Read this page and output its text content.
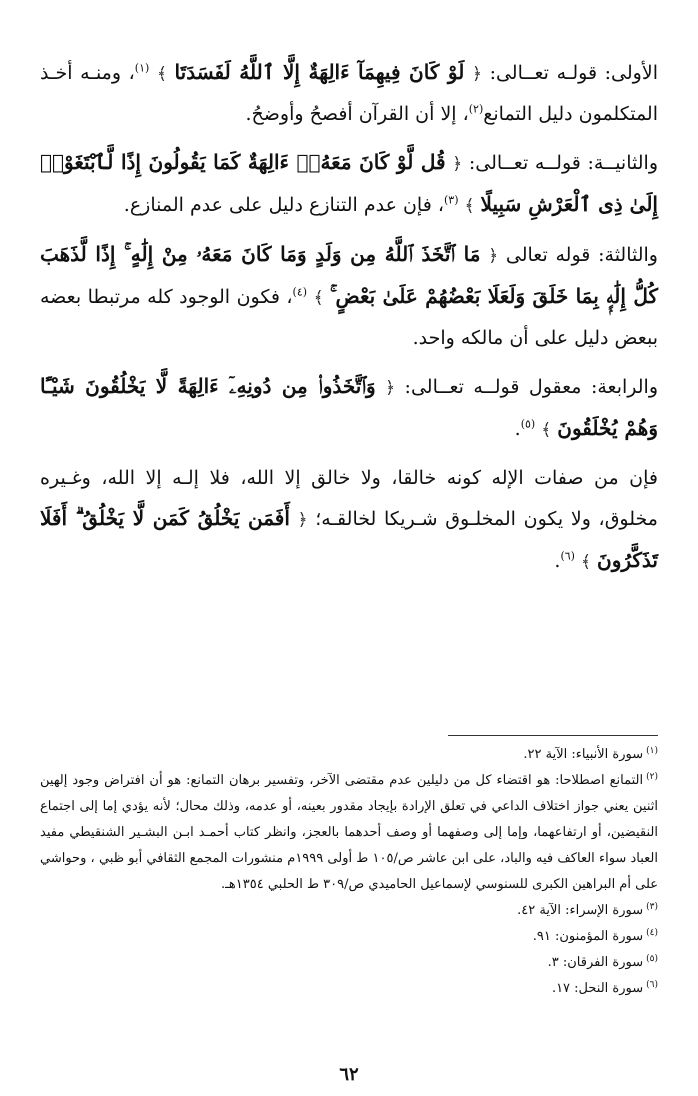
الأولى: قولـه تعــالى: ﴿ لَوْ كَانَ فِيهِمَآ ءَالِهَةٌ إِلَّا ٱللَّهُ لَفَسَدَتَا ﴾ $^{(١)}$، ومنـه أخـذ المتكلمون دليل التمانع$^{(٢)}$، إلا أن القرآن أفصحُ وأوضحُ.

والثانيــة: قولــه تعــالى: ﴿ قُل لَّوْ كَانَ مَعَهُۥٓ ءَالِهَةٌ كَمَا يَقُولُونَ إِذًا لَّٱبْتَغَوْا۟ إِلَىٰ ذِى ٱلْعَرْشِ سَبِيلًا ﴾ $^{(٣)}$، فإن عدم التنازع دليل على عدم المنازع.

والثالثة: قوله تعالى ﴿ مَا ٱتَّخَذَ ٱللَّهُ مِن وَلَدٍ وَمَا كَانَ مَعَهُۥ مِنْ إِلَٰهٍ ۚ إِذًا لَّذَهَبَ كُلُّ إِلَٰهٍۭ بِمَا خَلَقَ وَلَعَلَا بَعْضُهُمْ عَلَىٰ بَعْضٍ ۚ ﴾ $^{(٤)}$، فكون الوجود كله مرتبطا بعضه ببعض دليل على أن مالكه واحد.

والرابعة: معقول قولــه تعــالى: ﴿ وَٱتَّخَذُوا۟ مِن دُونِهِۦٓ ءَالِهَةً لَّا يَخْلُقُونَ شَيْـًٔا وَهُمْ يُخْلَقُونَ ﴾ $^{(٥)}$.

فإن من صفات الإله كونه خالقا، ولا خالق إلا الله، فلا إلـه إلا الله، وغـيره مخلوق، ولا يكون المخلـوق شـريكا لخالقـه؛ ﴿ أَفَمَن يَخْلُقُ كَمَن لَّا يَخْلُقُ ۗ أَفَلَا تَذَكَّرُونَ ﴾ $^{(٦)}$.

$^{(١)}$سورة الأنبياء: الآية ٢٢.

$^{(٢)}$التمانع اصطلاحا: هو اقتضاء كل من دليلين عدم مقتضى الآخر، وتفسير برهان التمانع: هو أن افتراض وجود إلهين اثنين يعني جواز اختلاف الداعي في تعلق الإرادة بإيجاد مقدور بعينه، أو عدمه، وذلك محال؛ لأنه يؤدي إما إلى اجتماع النقيضين، أو ارتفاعهما، وإما إلى وصفهما أو وصف أحدهما بالعجز، وانظر كتاب أحمـد ابـن البشـير الشنقيطي مفيد العباد سواء العاكف فيه والباد، على ابن عاشر ص/١٠٥ ط أولى ١٩٩٩م منشورات المجمع الثقافي أبو ظبي ، وحواشي على أم البراهين الكبرى للسنوسي لإسماعيل الحاميدي ص/٣٠٩ ط الحلبي ١٣٥٤هـ.

$^{(٣)}$سورة الإسراء: الآية ٤٢.

$^{(٤)}$سورة المؤمنون: ٩١.

$^{(٥)}$سورة الفرقان: ٣.

$^{(٦)}$سورة النحل: ١٧.

٦٢
